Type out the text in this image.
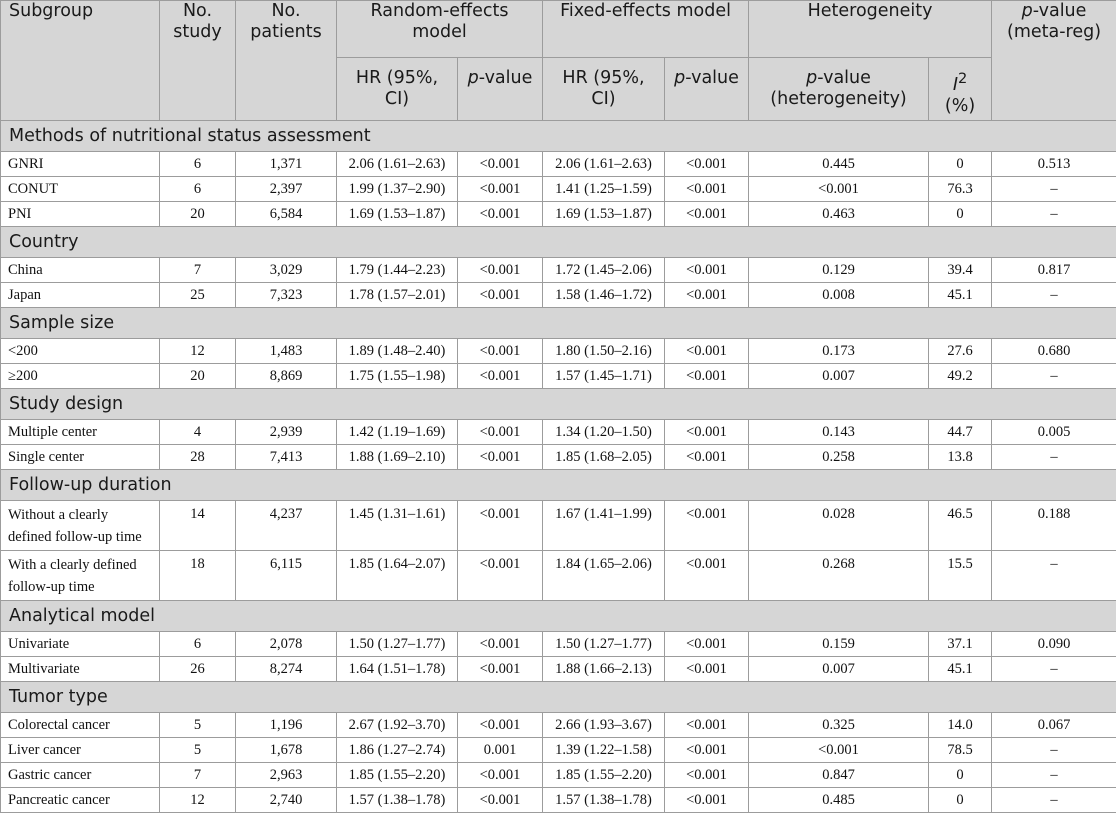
Subgroup	No. study	No. patients	Random-effects model		Fixed-effects model		Heterogeneity		p-value (meta-reg)
			HR (95%, CI)	p-value	HR (95%, CI)	p-value	p-value (heterogeneity)	$I^2$ (%)	
Methods of nutritional status assessment									
GNRI	6	1,371	2.06 (1.61–2.63)	<0.001	2.06 (1.61–2.63)	<0.001	0.445	0	0.513
CONUT	6	2,397	1.99 (1.37–2.90)	<0.001	1.41 (1.25–1.59)	<0.001	<0.001	76.3	–
PNI	20	6,584	1.69 (1.53–1.87)	<0.001	1.69 (1.53–1.87)	<0.001	0.463	0	–
Country									
China	7	3,029	1.79 (1.44–2.23)	<0.001	1.72 (1.45–2.06)	<0.001	0.129	39.4	0.817
Japan	25	7,323	1.78 (1.57–2.01)	<0.001	1.58 (1.46–1.72)	<0.001	0.008	45.1	–
Sample size									
<200	12	1,483	1.89 (1.48–2.40)	<0.001	1.80 (1.50–2.16)	<0.001	0.173	27.6	0.680
≥200	20	8,869	1.75 (1.55–1.98)	<0.001	1.57 (1.45–1.71)	<0.001	0.007	49.2	–
Study design									
Multiple center	4	2,939	1.42 (1.19–1.69)	<0.001	1.34 (1.20–1.50)	<0.001	0.143	44.7	0.005
Single center	28	7,413	1.88 (1.69–2.10)	<0.001	1.85 (1.68–2.05)	<0.001	0.258	13.8	–
Follow-up duration									
Without a clearly defined follow-up time	14	4,237	1.45 (1.31–1.61)	<0.001	1.67 (1.41–1.99)	<0.001	0.028	46.5	0.188
With a clearly defined follow-up time	18	6,115	1.85 (1.64–2.07)	<0.001	1.84 (1.65–2.06)	<0.001	0.268	15.5	–
Analytical model									
Univariate	6	2,078	1.50 (1.27–1.77)	<0.001	1.50 (1.27–1.77)	<0.001	0.159	37.1	0.090
Multivariate	26	8,274	1.64 (1.51–1.78)	<0.001	1.88 (1.66–2.13)	<0.001	0.007	45.1	–
Tumor type									
Colorectal cancer	5	1,196	2.67 (1.92–3.70)	<0.001	2.66 (1.93–3.67)	<0.001	0.325	14.0	0.067
Liver cancer	5	1,678	1.86 (1.27–2.74)	0.001	1.39 (1.22–1.58)	<0.001	<0.001	78.5	–
Gastric cancer	7	2,963	1.85 (1.55–2.20)	<0.001	1.85 (1.55–2.20)	<0.001	0.847	0	–
Pancreatic cancer	12	2,740	1.57 (1.38–1.78)	<0.001	1.57 (1.38–1.78)	<0.001	0.485	0	–
